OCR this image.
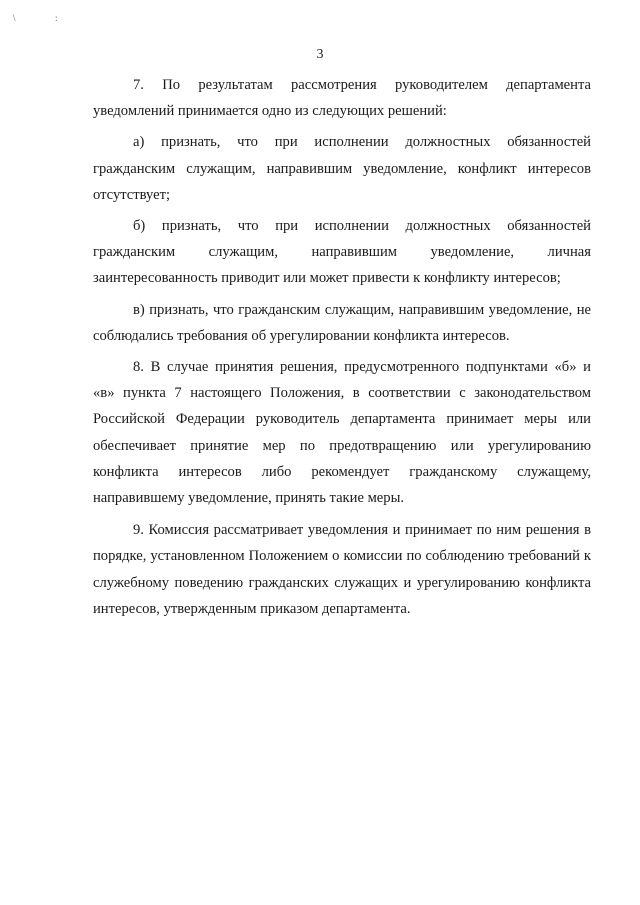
\	:
3

7. По результатам рассмотрения руководителем департамента уведомлений принимается одно из следующих решений:

а) признать, что при исполнении должностных обязанностей гражданским служащим, направившим уведомление, конфликт интересов отсутствует;

б) признать, что при исполнении должностных обязанностей гражданским служащим, направившим уведомление, личная заинтересованность приводит или может привести к конфликту интересов;

в) признать, что гражданским служащим, направившим уведомление, не соблюдались требования об урегулировании конфликта интересов.

8. В случае принятия решения, предусмотренного подпунктами «б» и «в» пункта 7 настоящего Положения, в соответствии с законодательством Российской Федерации руководитель департамента принимает меры или обеспечивает принятие мер по предотвращению или урегулированию конфликта интересов либо рекомендует гражданскому служащему, направившему уведомление, принять такие меры.

9. Комиссия рассматривает уведомления и принимает по ним решения в порядке, установленном Положением о комиссии по соблюдению требований к служебному поведению гражданских служащих и урегулированию конфликта интересов, утвержденным приказом департамента.
